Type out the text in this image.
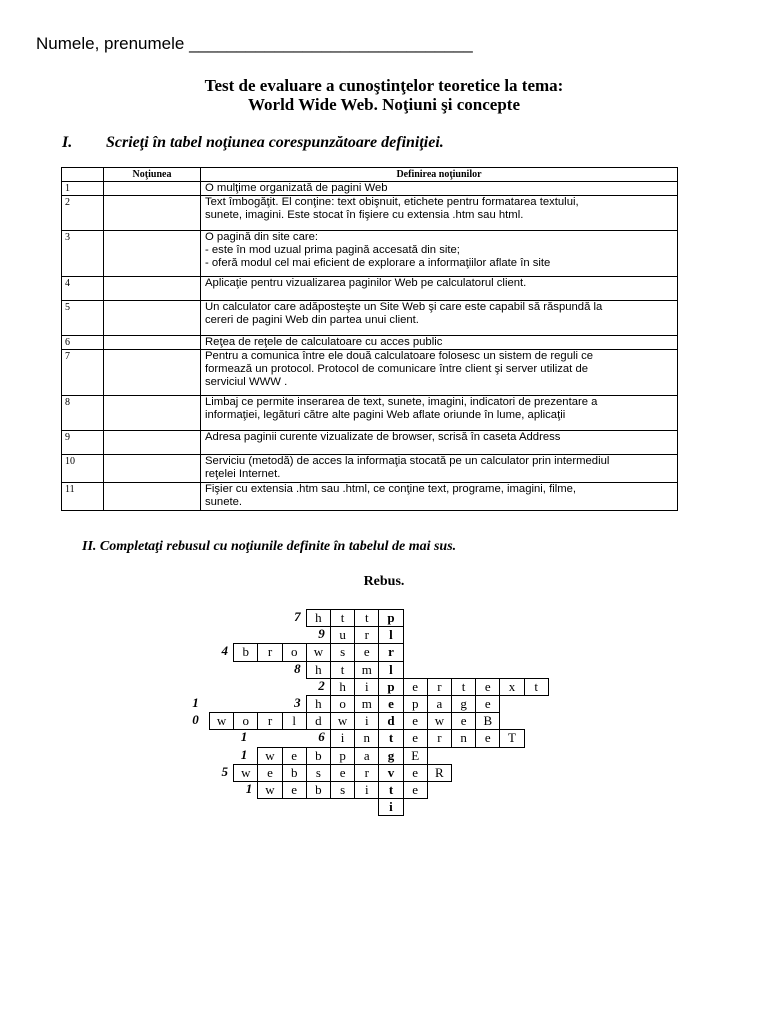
Numele, prenumele ______________________________
Test de evaluare a cunoştinţelor teoretice la tema:
World Wide Web. Noţiuni şi concepte
I. Scrieţi în tabel noţiunea corespunzătoare definiţiei.
	Noţiunea	Definirea noţiunilor
1		O mulţime organizată de pagini Web
2		Text îmbogăţit. El conţine: text obişnuit, etichete pentru formatarea textului,
sunete, imagini. Este stocat în fişiere cu extensia .htm sau html.
3		O pagină din site care:
- este în mod uzual prima pagină accesată din site;
- oferă modul cel mai eficient de explorare a informaţiilor aflate în site
4		Aplicaţie pentru vizualizarea paginilor Web pe calculatorul client.
5		Un calculator care adăposteşte un Site Web şi care este capabil să răspundă la
cereri de pagini Web din partea unui client.
6		Reţea de reţele de calculatoare cu acces public
7		Pentru a comunica între ele două calculatoare folosesc un sistem de reguli ce
formează un protocol. Protocol de comunicare între client şi server utilizat de
serviciul WWW .
8		Limbaj ce permite inserarea de text, sunete, imagini, indicatori de prezentare a
informaţiei, legături către alte pagini Web aflate oriunde în lume, aplicaţii
9		Adresa paginii curente vizualizate de browser, scrisă în caseta Address
10		Serviciu (metodă) de acces la informaţia stocată pe un calculator prin intermediul
reţelei Internet.
11		Fişier cu extensia .htm sau .html, ce conţine text, programe, imagini, filme,
sunete.
II. Completaţi rebusul cu noţiunile definite în tabelul de mai sus.
Rebus.
7	h	t	t	p
9	u	r	l
4	b	r	o	w	s	e	r
8	h	t	m	l
2	h	i	p	e	r	t	e	x	t
3	h	o	m	e	p	a	g	e
1
0	w	o	r	l	d	w	i	d	e	w	e	B
6	i	n	t	e	r	n	e	T
1
1	w	e	b	p	a	g	E
5	w	e	b	s	e	r	v	e	R
1	w	e	b	s	i	t	e
i
